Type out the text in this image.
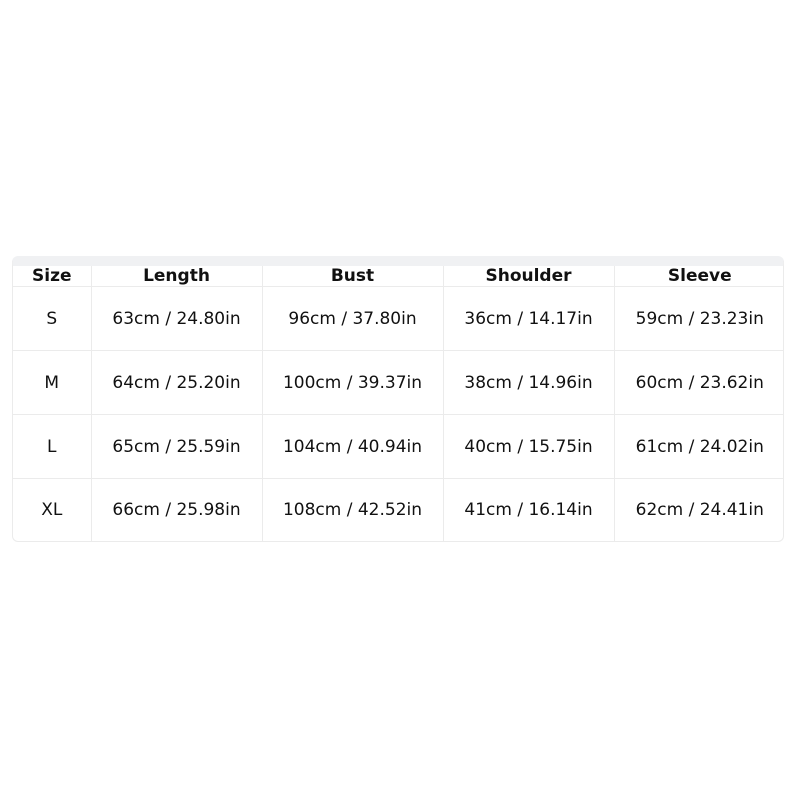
Size	Length	Bust	Shoulder	Sleeve
S	63cm / 24.80in	96cm / 37.80in	36cm / 14.17in	59cm / 23.23in
M	64cm / 25.20in	100cm / 39.37in	38cm / 14.96in	60cm / 23.62in
L	65cm / 25.59in	104cm / 40.94in	40cm / 15.75in	61cm / 24.02in
XL	66cm / 25.98in	108cm / 42.52in	41cm / 16.14in	62cm / 24.41in
